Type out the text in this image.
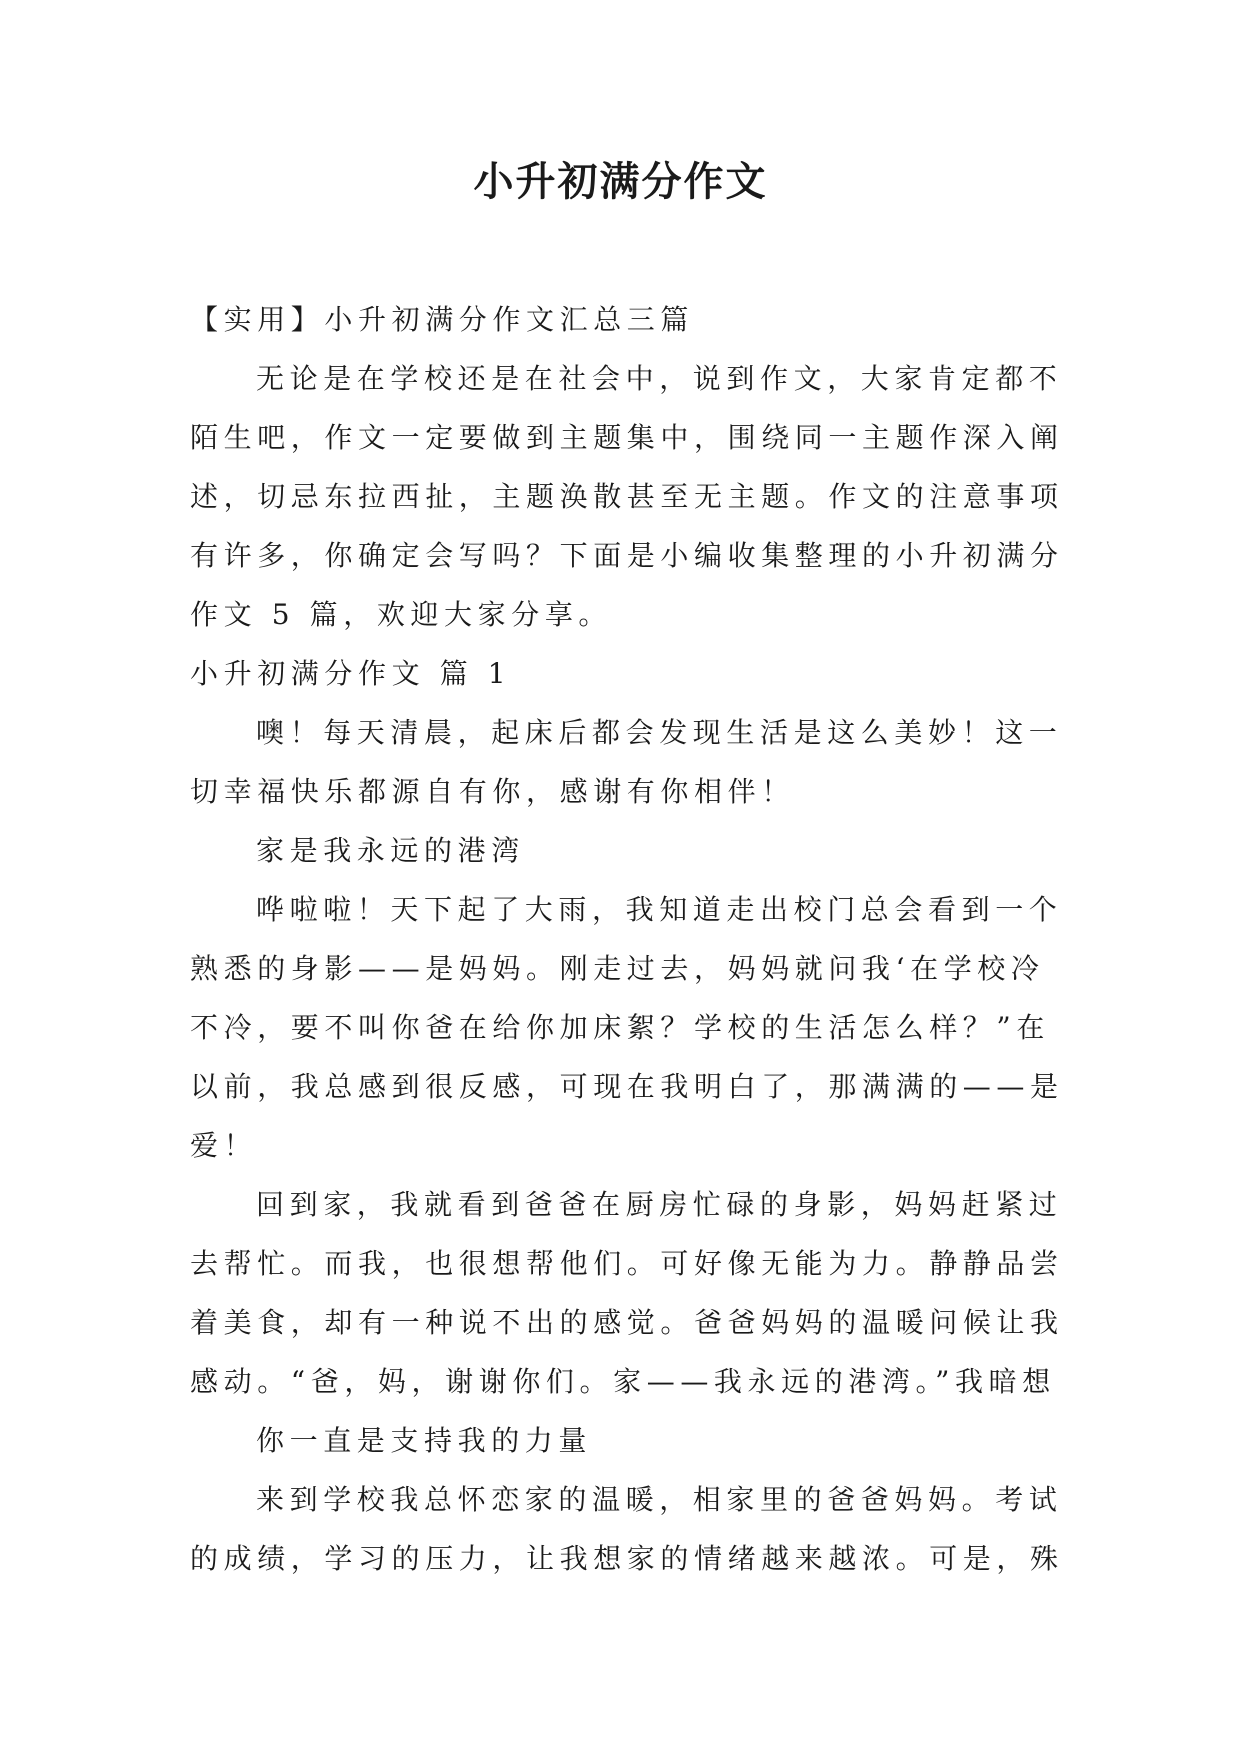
小升初满分作文
【实用】小升初满分作文汇总三篇
无论是在学校还是在社会中，说到作文，大家肯定都不
陌生吧，作文一定要做到主题集中，围绕同一主题作深入阐
述，切忌东拉西扯，主题涣散甚至无主题。作文的注意事项
有许多，你确定会写吗？下面是小编收集整理的小升初满分
作文 5 篇，欢迎大家分享。
小升初满分作文 篇 1
噢！每天清晨，起床后都会发现生活是这么美妙！这一
切幸福快乐都源自有你，感谢有你相伴！
家是我永远的港湾
哗啦啦！天下起了大雨，我知道走出校门总会看到一个
熟悉的身影——是妈妈。刚走过去，妈妈就问我‘在学校冷
不冷，要不叫你爸在给你加床絮？学校的生活怎么样？”在
以前，我总感到很反感，可现在我明白了，那满满的——是
爱！
回到家，我就看到爸爸在厨房忙碌的身影，妈妈赶紧过
去帮忙。而我，也很想帮他们。可好像无能为力。静静品尝
着美食，却有一种说不出的感觉。爸爸妈妈的温暖问候让我
感动。“爸，妈，谢谢你们。家——我永远的港湾。”我暗想
你一直是支持我的力量
来到学校我总怀恋家的温暖，相家里的爸爸妈妈。考试
的成绩，学习的压力，让我想家的情绪越来越浓。可是，殊
